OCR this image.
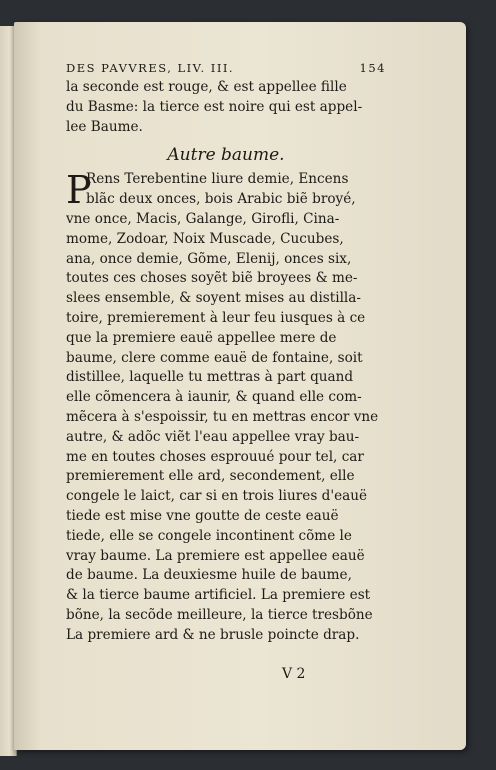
DES PAVVRES, LIV. III.	154
la seconde est rouge, & est appellee fille
du Basme: la tierce est noire qui est appel-
lee Baume.
Autre baume.
P
Rens Terebentine liure demie, Encens
blãc deux onces, bois Arabic biẽ broyé,
vne once, Macis, Galange, Girofli, Cina-
mome, Zodoar, Noix Muscade, Cucubes,
ana, once demie, Gõme, Elenij, onces six,
toutes ces choses soyẽt biẽ broyees & me-
slees ensemble, & soyent mises au distilla-
toire, premierement à leur feu iusques à ce
que la premiere eauë appellee mere de
baume, clere comme eauë de fontaine, soit
distillee, laquelle tu mettras à part quand
elle cõmencera à iaunir, & quand elle com-
mẽcera à s'espoissir, tu en mettras encor vne
autre, & adõc viẽt l'eau appellee vray bau-
me en toutes choses esprouué pour tel, car
premierement elle ard, secondement, elle
congele le laict, car si en trois liures d'eauë
tiede est mise vne goutte de ceste eauë
tiede, elle se congele incontinent cõme le
vray baume. La premiere est appellee eauë
de baume. La deuxiesme huile de baume,
& la tierce baume artificiel. La premiere est
bõne, la secõde meilleure, la tierce tresbõne
La premiere ard & ne brusle poincte drap.
V 2
